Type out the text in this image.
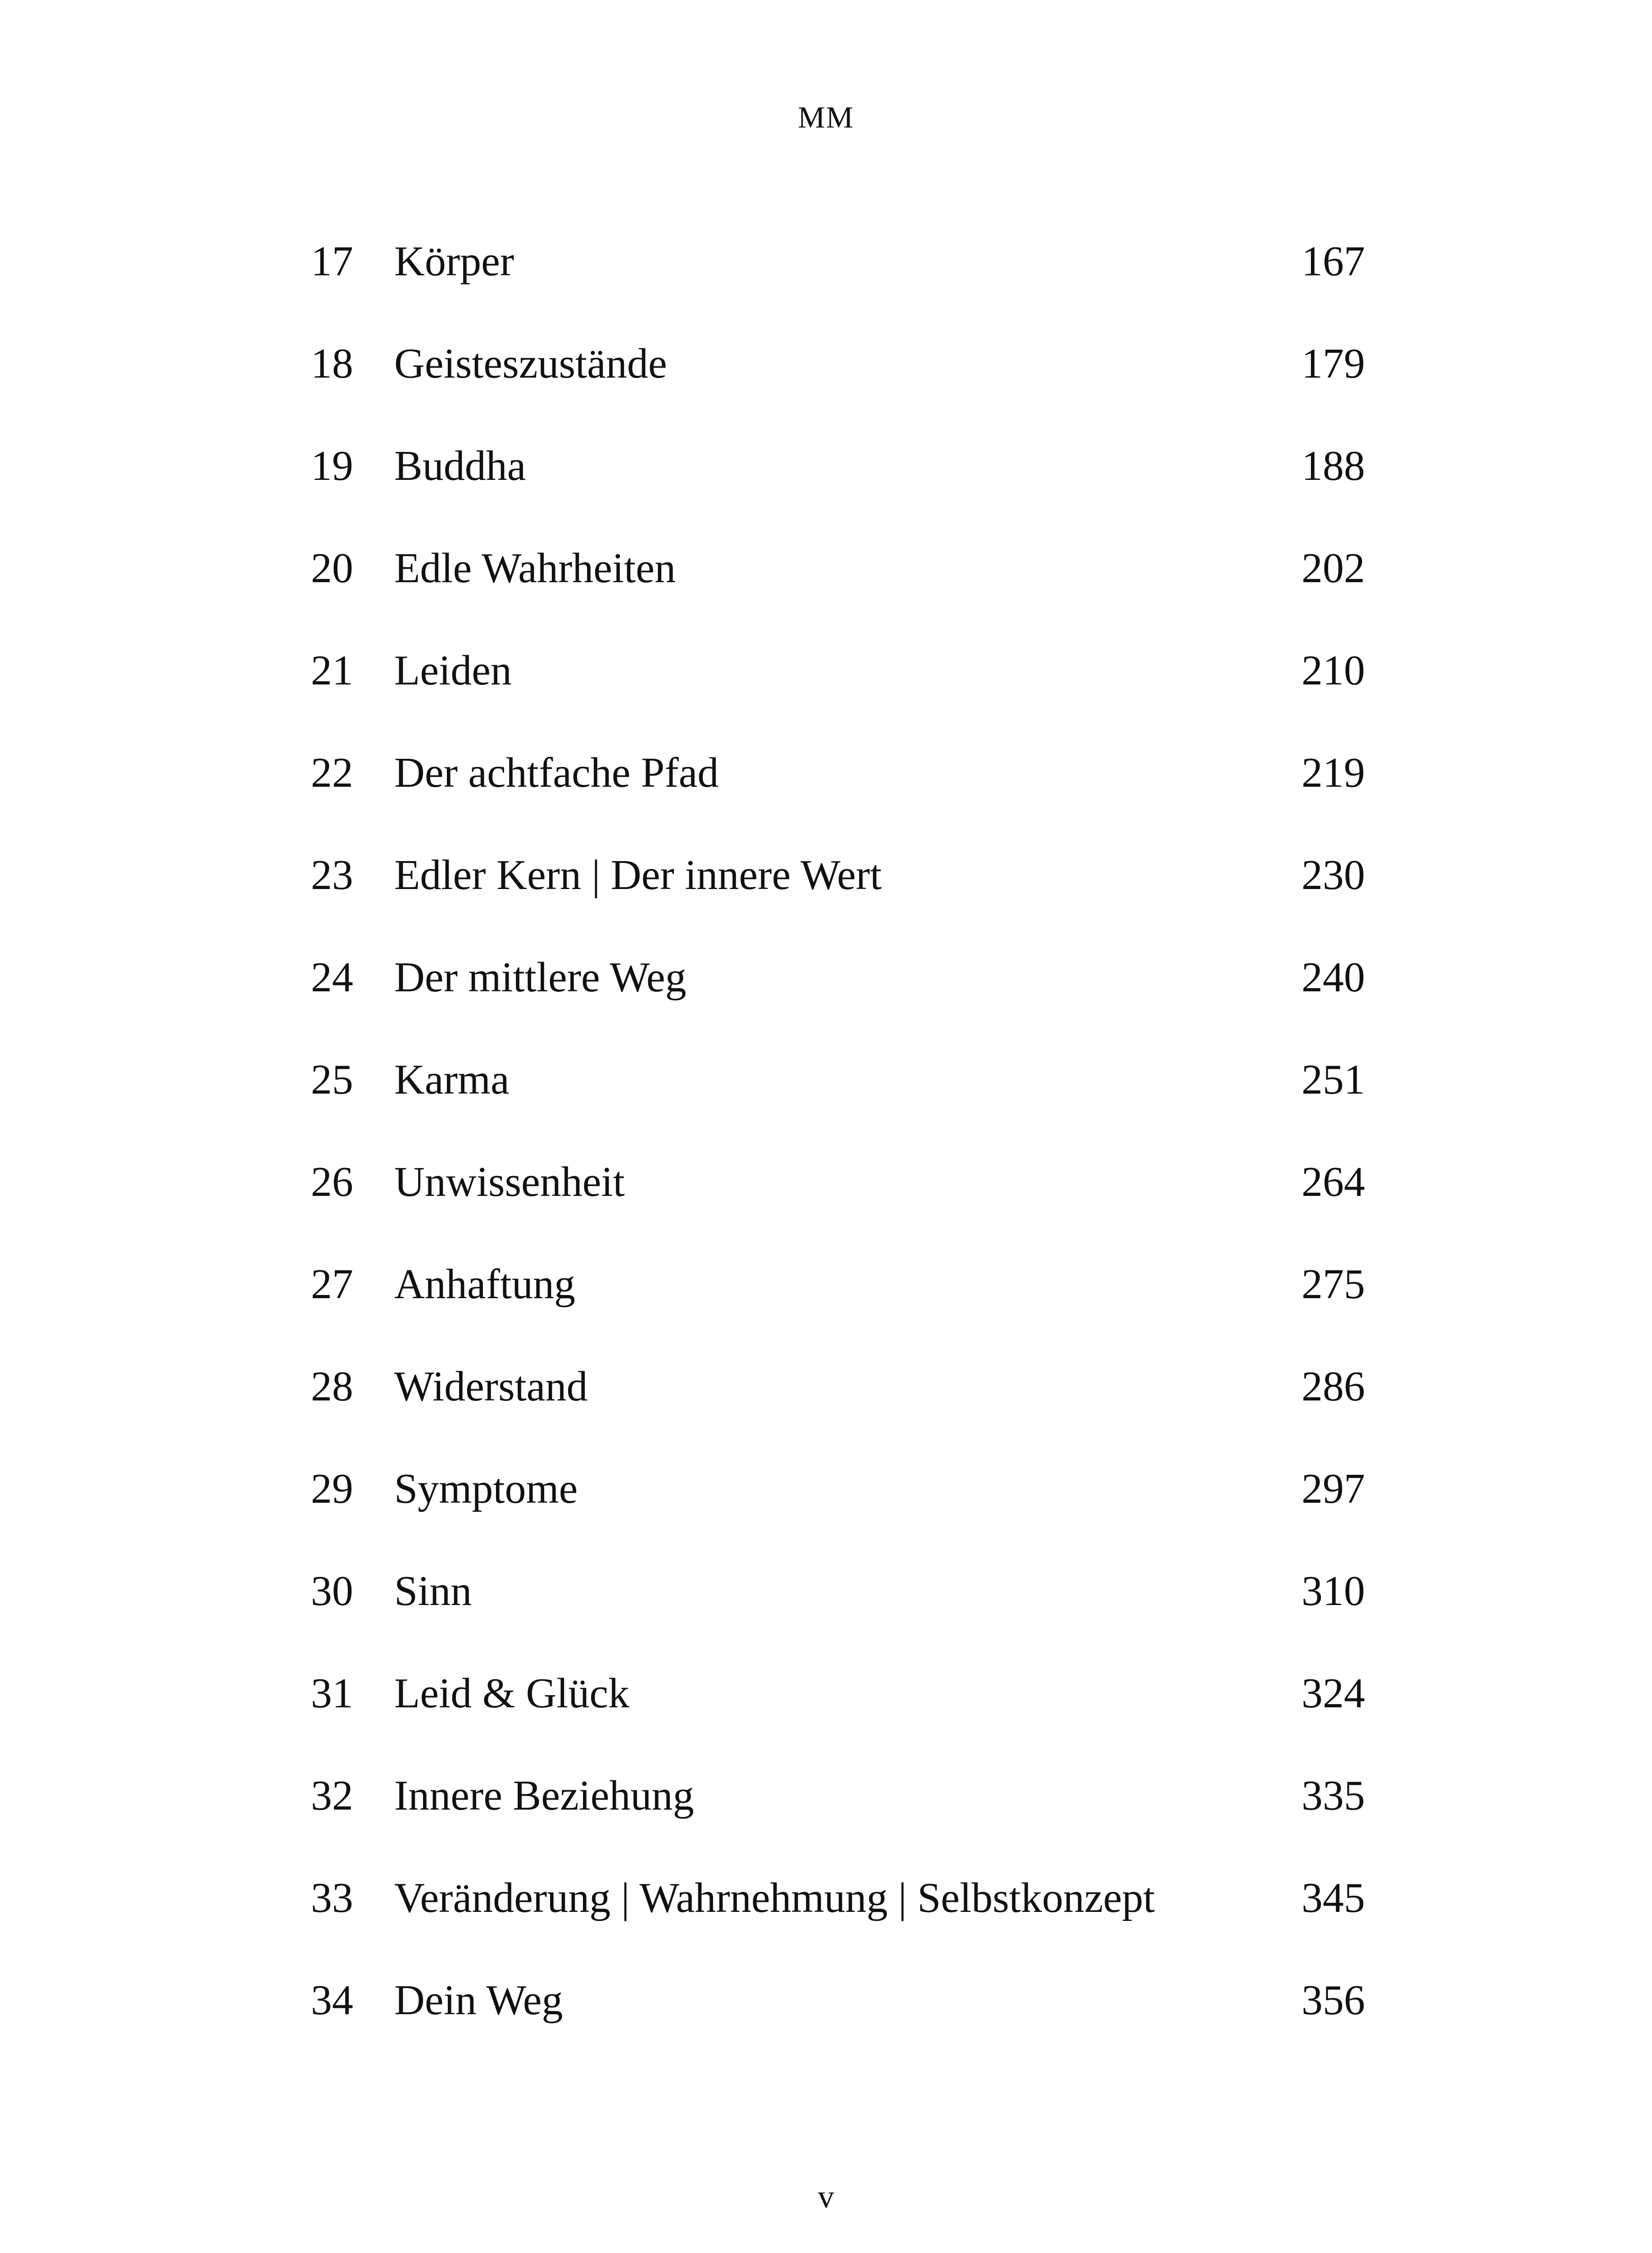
MM
17 Körper	167
18 Geisteszustände	179
19 Buddha	188
20 Edle Wahrheiten	202
21 Leiden	210
22 Der achtfache Pfad	219
23 Edler Kern | Der innere Wert	230
24 Der mittlere Weg	240
25 Karma	251
26 Unwissenheit	264
27 Anhaftung	275
28 Widerstand	286
29 Symptome	297
30 Sinn	310
31 Leid & Glück	324
32 Innere Beziehung	335
33 Veränderung | Wahrnehmung | Selbstkonzept	345
34 Dein Weg	356
v
